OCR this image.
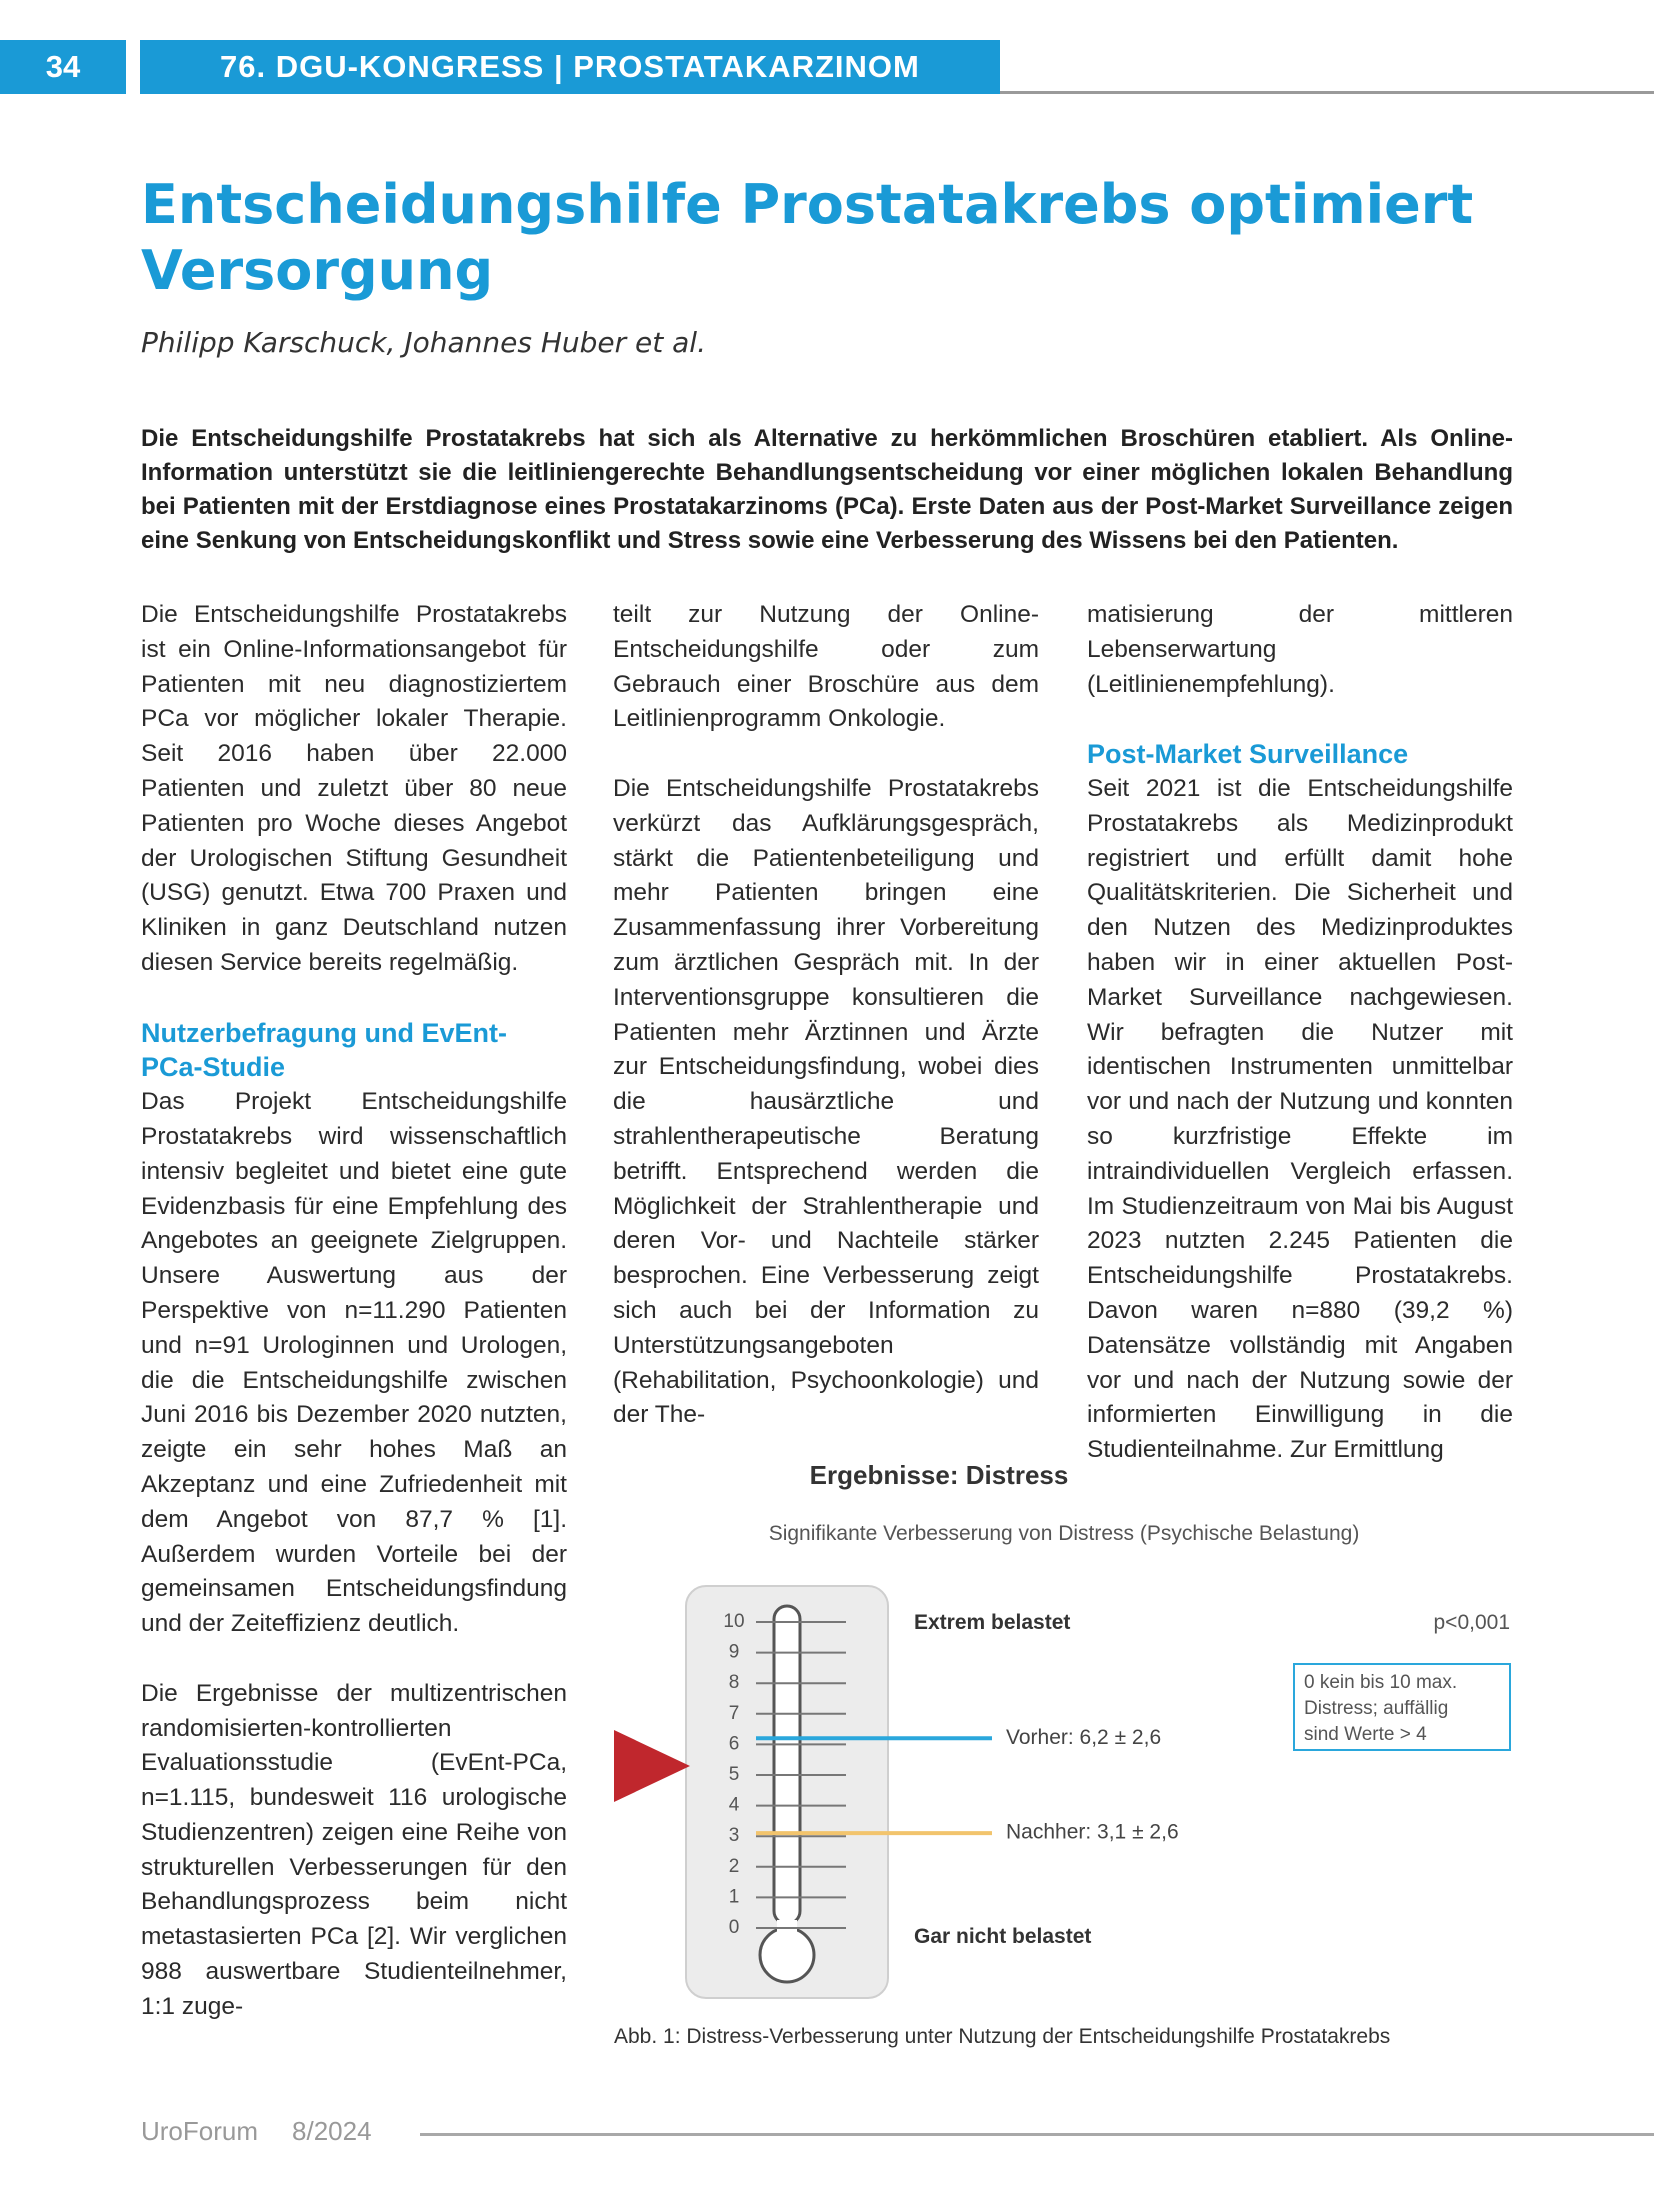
34	76. DGU-KONGRESS | PROSTATAKARZINOM
Entscheidungshilfe Prostatakrebs optimiert Versorgung
Philipp Karschuck, Johannes Huber et al.
Die Entscheidungshilfe Prostatakrebs hat sich als Alternative zu herkömmlichen Broschüren etabliert. Als Online-Information unterstützt sie die leitliniengerechte Behandlungsentscheidung vor einer möglichen lokalen Behandlung bei Patienten mit der Erstdiagnose eines Prostatakarzinoms (PCa). Erste Daten aus der Post-Market Surveillance zeigen eine Senkung von Entscheidungskonflikt und Stress sowie eine Verbesserung des Wissens bei den Patienten.

Die Entscheidungshilfe Prostatakrebs ist ein Online-Informationsangebot für Patienten mit neu diagnostiziertem PCa vor möglicher lokaler Therapie. Seit 2016 haben über 22.000 Patienten und zuletzt über 80 neue Patienten pro Woche dieses Angebot der Urologischen Stiftung Gesundheit (USG) genutzt. Etwa 700 Praxen und Kliniken in ganz Deutschland nutzen diesen Service bereits regelmäßig.

Nutzerbefragung und EvEnt-PCa-Studie

Das Projekt Entscheidungshilfe Prostatakrebs wird wissenschaftlich intensiv begleitet und bietet eine gute Evidenzbasis für eine Empfehlung des Angebotes an geeignete Zielgruppen. Unsere Auswertung aus der Perspektive von n=11.290 Patienten und n=91 Urologinnen und Urologen, die die Entscheidungshilfe zwischen Juni 2016 bis Dezember 2020 nutzten, zeigte ein sehr hohes Maß an Akzeptanz und eine Zufriedenheit mit dem Angebot von 87,7 % [1]. Außerdem wurden Vorteile bei der gemeinsamen Entscheidungsfindung und der Zeiteffizienz deutlich.

Die Ergebnisse der multizentrischen randomisierten-kontrollierten Evaluationsstudie (EvEnt-PCa, n=1.115, bundesweit 116 urologische Studienzentren) zeigen eine Reihe von strukturellen Verbesserungen für den Behandlungsprozess beim nicht metastasierten PCa [2]. Wir verglichen 988 auswertbare Studienteilnehmer, 1:1 zuge-

teilt zur Nutzung der Online-Entscheidungshilfe oder zum Gebrauch einer Broschüre aus dem Leitlinienprogramm Onkologie.

Die Entscheidungshilfe Prostatakrebs verkürzt das Aufklärungsgespräch, stärkt die Patientenbeteiligung und mehr Patienten bringen eine Zusammenfassung ihrer Vorbereitung zum ärztlichen Gespräch mit. In der Interventionsgruppe konsultieren die Patienten mehr Ärztinnen und Ärzte zur Entscheidungsfindung, wobei dies die hausärztliche und strahlentherapeutische Beratung betrifft. Entsprechend werden die Möglichkeit der Strahlentherapie und deren Vor- und Nachteile stärker besprochen. Eine Verbesserung zeigt sich auch bei der Information zu Unterstützungsangeboten (Rehabilitation, Psychoonkologie) und der The-

matisierung der mittleren Lebenserwartung (Leitlinienempfehlung).

Post-Market Surveillance

Seit 2021 ist die Entscheidungshilfe Prostatakrebs als Medizinprodukt registriert und erfüllt damit hohe Qualitätskriterien. Die Sicherheit und den Nutzen des Medizinproduktes haben wir in einer aktuellen Post-Market Surveillance nachgewiesen. Wir befragten die Nutzer mit identischen Instrumenten unmittelbar vor und nach der Nutzung und konnten so kurzfristige Effekte im intraindividuellen Vergleich erfassen. Im Studienzeitraum von Mai bis August 2023 nutzten 2.245 Patienten die Entscheidungshilfe Prostatakrebs. Davon waren n=880 (39,2 %) Datensätze vollständig mit Angaben vor und nach der Nutzung sowie der informierten Einwilligung in die Studienteilnahme. Zur Ermittlung

Ergebnisse: Distress
Signifikante Verbesserung von Distress (Psychische Belastung)
10
9
8
7
6
5
4
3
2
1
0
Vorher: 6,2 ± 2,6
Nachher: 3,1 ± 2,6
Extrem belastet
Gar nicht belastet
p<0,001
0 kein bis 10 max.
Distress; auffällig
sind Werte > 4
Abb. 1: Distress-Verbesserung unter Nutzung der Entscheidungshilfe Prostatakrebs
UroForum 8/2024
